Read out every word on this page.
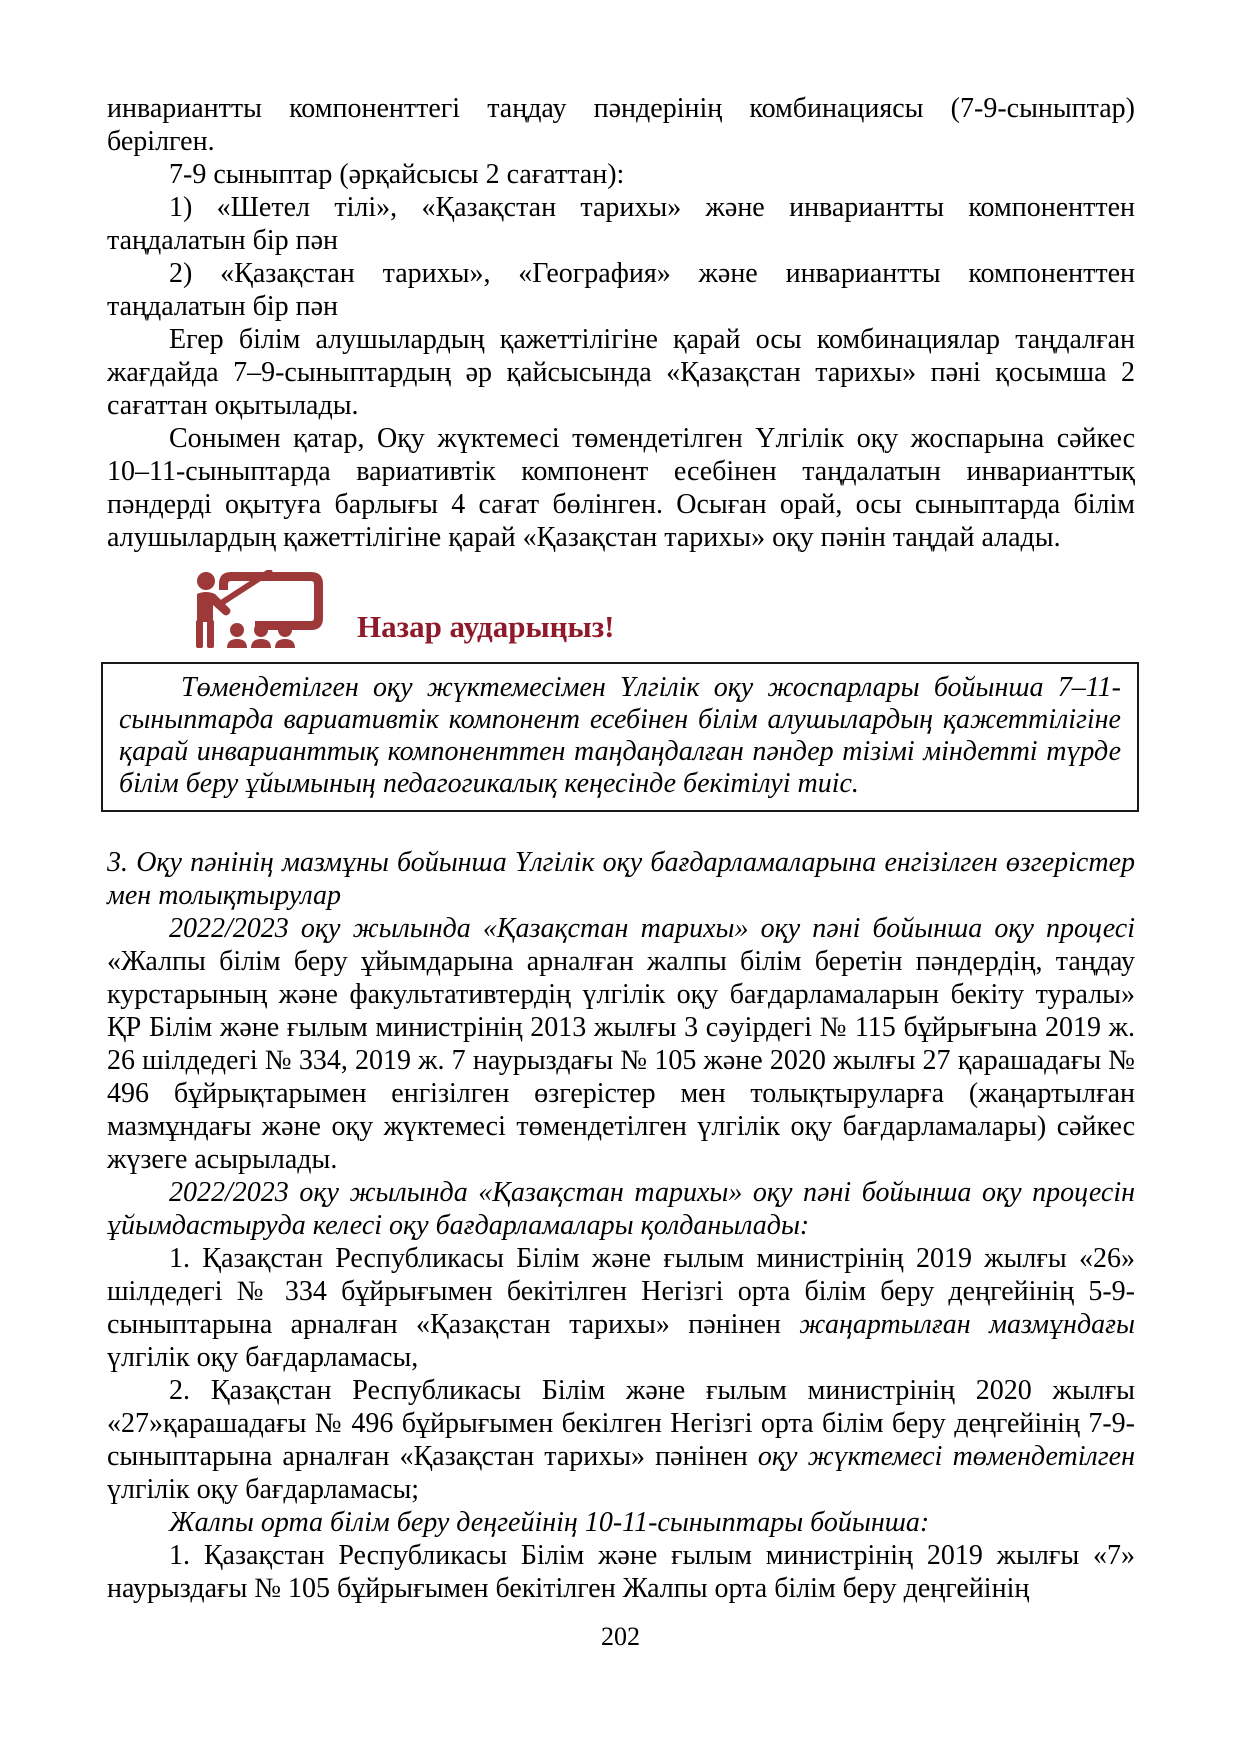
инвариантты компоненттегі таңдау пәндерінің комбинациясы (7-9-сыныптар) берілген.

7-9 сыныптар (әрқайсысы 2 сағаттан):

1) «Шетел тілі», «Қазақстан тарихы» және инвариантты компоненттен таңдалатын бір пән

2) «Қазақстан тарихы», «География» және инвариантты компоненттен таңдалатын бір пән

Егер білім алушылардың қажеттілігіне қарай осы комбинациялар таңдалған жағдайда 7–9-сыныптардың әр қайсысында «Қазақстан тарихы» пәні қосымша 2 сағаттан оқытылады.

Сонымен қатар, Оқу жүктемесі төмендетілген Үлгілік оқу жоспарына сәйкес 10–11-сыныптарда вариативтік компонент есебінен таңдалатын инварианттық пәндерді оқытуға барлығы 4 сағат бөлінген. Осыған орай, осы сыныптарда білім алушылардың қажеттілігіне қарай «Қазақстан тарихы» оқу пәнін таңдай алады.

Назар аударыңыз!

Төмендетілген оқу жүктемесімен Үлгілік оқу жоспарлары бойынша 7–11-сыныптарда вариативтік компонент есебінен білім алушылардың қажеттілігіне қарай инварианттық компоненттен таңдаңдалған пәндер тізімі міндетті түрде білім беру ұйымының педагогикалық кеңесінде бекітілуі тиіс.

3. Оқу пәнінің мазмұны бойынша Үлгілік оқу бағдарламаларына енгізілген өзгерістер мен толықтырулар

2022/2023 оқу жылында «Қазақстан тарихы» оқу пәні бойынша оқу процесі «Жалпы білім беру ұйымдарына арналған жалпы білім беретін пәндердің, таңдау курстарының және факультативтердің үлгілік оқу бағдарламаларын бекіту туралы» ҚР Білім және ғылым министрінің 2013 жылғы 3 сәуірдегі № 115 бұйрығына 2019 ж. 26 шілдедегі № 334, 2019 ж. 7 наурыздағы № 105 және 2020 жылғы 27 қарашадағы № 496 бұйрықтарымен енгізілген өзгерістер мен толықтыруларға (жаңартылған мазмұндағы және оқу жүктемесі төмендетілген үлгілік оқу бағдарламалары) сәйкес жүзеге асырылады.

2022/2023 оқу жылында «Қазақстан тарихы» оқу пәні бойынша оқу процесін ұйымдастыруда келесі оқу бағдарламалары қолданылады:

1. Қазақстан Республикасы Білім және ғылым министрінің 2019 жылғы «26» шілдедегі № 334 бұйрығымен бекітілген Негізгі орта білім беру деңгейінің 5-9-сыныптарына арналған «Қазақстан тарихы» пәнінен жаңартылған мазмұндағы үлгілік оқу бағдарламасы,

2. Қазақстан Республикасы Білім және ғылым министрінің 2020 жылғы «27»қарашадағы № 496 бұйрығымен бекілген Негізгі орта білім беру деңгейінің 7-9-сыныптарына арналған «Қазақстан тарихы» пәнінен оқу жүктемесі төмендетілген үлгілік оқу бағдарламасы;

Жалпы орта білім беру деңгейінің 10-11-сыныптары бойынша:

1. Қазақстан Республикасы Білім және ғылым министрінің 2019 жылғы «7» наурыздағы № 105 бұйрығымен бекітілген Жалпы орта білім беру деңгейінің

202
